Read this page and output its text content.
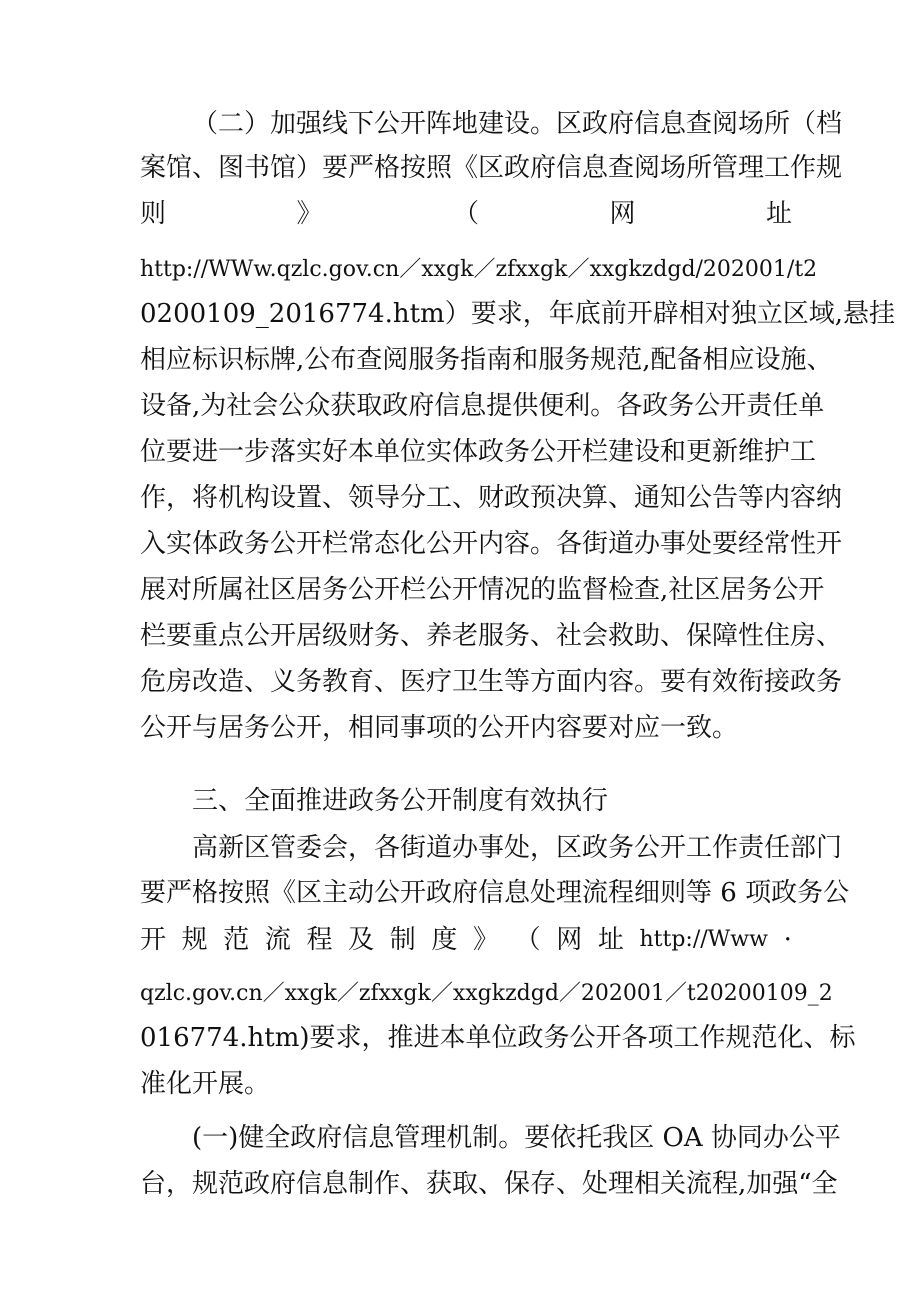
（二）加强线下公开阵地建设。区政府信息查阅场所（档
案馆、图书馆）要严格按照《区政府信息查阅场所管理工作规
则	》	（	网	址
http://WWw.qzlc.gov.cn／xxgk／zfxxgk／xxgkzdgd/202001/t2
0200109_2016774.htm）要求，年底前开辟相对独立区域,悬挂
相应标识标牌,公布查阅服务指南和服务规范,配备相应设施、
设备,为社会公众获取政府信息提供便利。各政务公开责任单
位要进一步落实好本单位实体政务公开栏建设和更新维护工
作，将机构设置、领导分工、财政预决算、通知公告等内容纳
入实体政务公开栏常态化公开内容。各街道办事处要经常性开
展对所属社区居务公开栏公开情况的监督检查,社区居务公开
栏要重点公开居级财务、养老服务、社会救助、保障性住房、
危房改造、义务教育、医疗卫生等方面内容。要有效衔接政务
公开与居务公开，相同事项的公开内容要对应一致。
三、全面推进政务公开制度有效执行
高新区管委会，各街道办事处，区政务公开工作责任部门
要严格按照《区主动公开政府信息处理流程细则等 6 项政务公
开 规 范 流 程 及 制 度 》 （ 网 址 http://Www ·
qzlc.gov.cn／xxgk／zfxxgk／xxgkzdgd／202001／t20200109_2
016774.htm)要求，推进本单位政务公开各项工作规范化、标
准化开展。
(一)健全政府信息管理机制。要依托我区 OA 协同办公平
台，规范政府信息制作、获取、保存、处理相关流程,加强“全
